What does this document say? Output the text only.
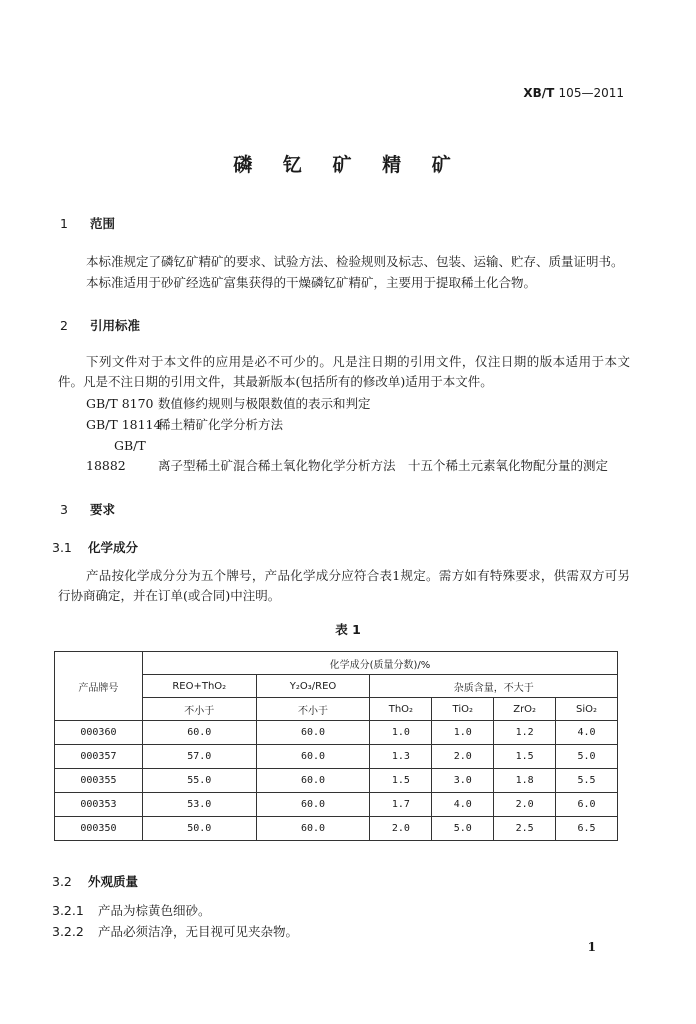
XB/T 105—2011
磷 钇 矿 精 矿
1 范围
本标准规定了磷钇矿精矿的要求、试验方法、检验规则及标志、包装、运输、贮存、质量证明书。
本标准适用于砂矿经选矿富集获得的干燥磷钇矿精矿，主要用于提取稀土化合物。
2 引用标准
下列文件对于本文件的应用是必不可少的。凡是注日期的引用文件，仅注日期的版本适用于本文件。凡是不注日期的引用文件，其最新版本(包括所有的修改单)适用于本文件。
GB/T 8170 数值修约规则与极限数值的表示和判定
GB/T 18114稀土精矿化学分析方法
GB/T 18882	离子型稀土矿混合稀土氧化物化学分析方法　十五个稀土元素氧化物配分量的测定
3 要求
3.1 化学成分
产品按化学成分分为五个牌号，产品化学成分应符合表1规定。需方如有特殊要求，供需双方可另行协商确定，并在订单(或合同)中注明。
表 1
产品牌号	化学成分(质量分数)/%					
	REO+ThO₂	Y₂O₃/REO	杂质含量，不大于			
	不小于	不小于	ThO₂	TiO₂	ZrO₂	SiO₂
000360	60.0	60.0	1.0	1.0	1.2	4.0
000357	57.0	60.0	1.3	2.0	1.5	5.0
000355	55.0	60.0	1.5	3.0	1.8	5.5
000353	53.0	60.0	1.7	4.0	2.0	6.0
000350	50.0	60.0	2.0	5.0	2.5	6.5
3.2 外观质量
3.2.1 产品为棕黄色细砂。
3.2.2 产品必须洁净，无目视可见夹杂物。
1
